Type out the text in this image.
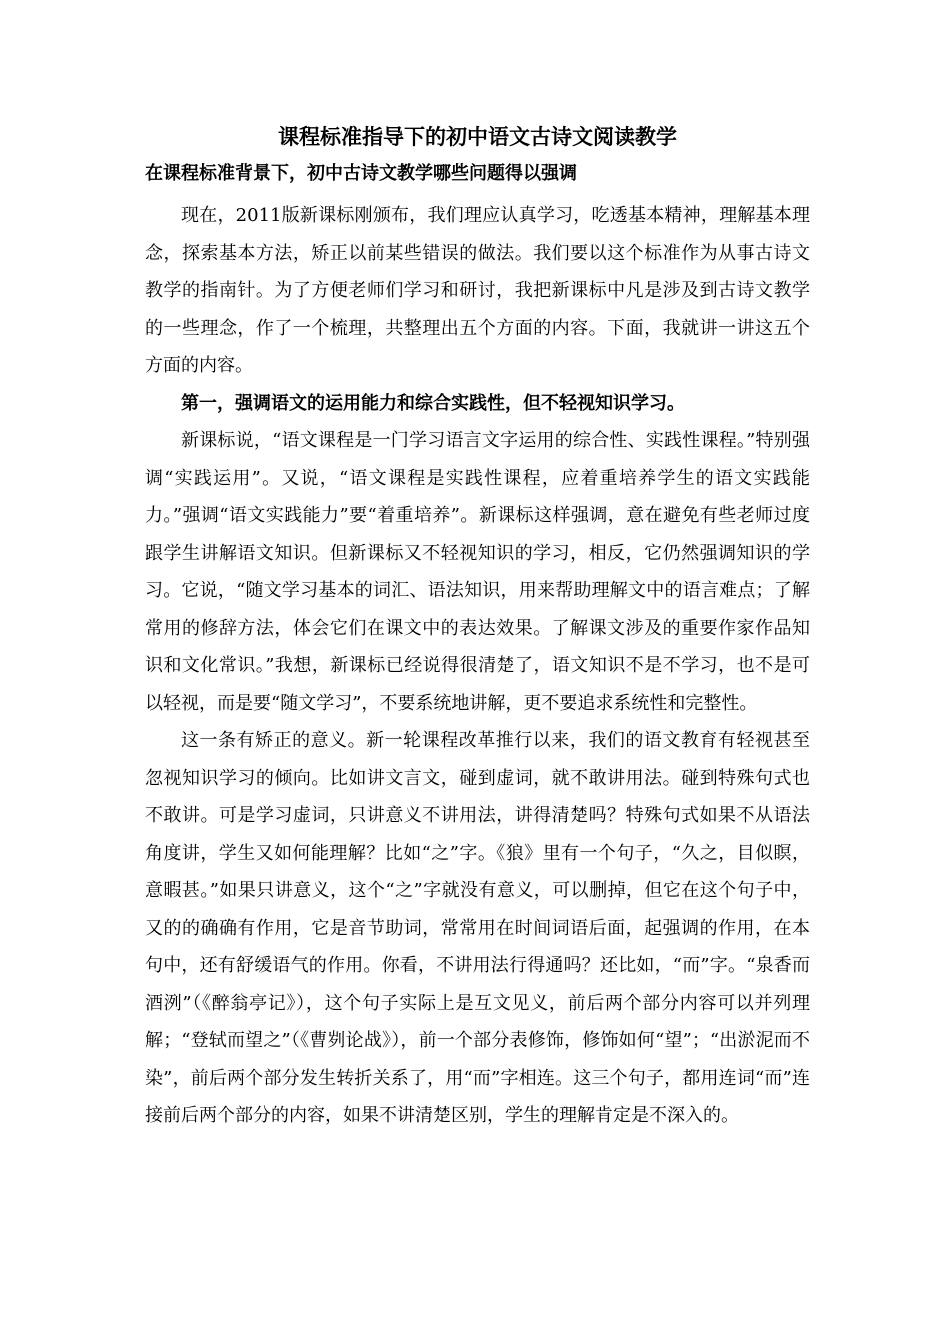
课程标准指导下的初中语文古诗文阅读教学
在课程标准背景下，初中古诗文教学哪些问题得以强调

现在，2011版新课标刚颁布，我们理应认真学习，吃透基本精神，理解基本理念，探索基本方法，矫正以前某些错误的做法。我们要以这个标准作为从事古诗文教学的指南针。为了方便老师们学习和研讨，我把新课标中凡是涉及到古诗文教学的一些理念，作了一个梳理，共整理出五个方面的内容。下面，我就讲一讲这五个方面的内容。

第一，强调语文的运用能力和综合实践性，但不轻视知识学习。

新课标说，“语文课程是一门学习语言文字运用的综合性、实践性课程。”特别强调“实践运用”。又说，“语文课程是实践性课程，应着重培养学生的语文实践能力。”强调“语文实践能力”要“着重培养”。新课标这样强调，意在避免有些老师过度跟学生讲解语文知识。但新课标又不轻视知识的学习，相反，它仍然强调知识的学习。它说，“随文学习基本的词汇、语法知识，用来帮助理解文中的语言难点；了解常用的修辞方法，体会它们在课文中的表达效果。了解课文涉及的重要作家作品知识和文化常识。”我想，新课标已经说得很清楚了，语文知识不是不学习，也不是可以轻视，而是要“随文学习”，不要系统地讲解，更不要追求系统性和完整性。

这一条有矫正的意义。新一轮课程改革推行以来，我们的语文教育有轻视甚至忽视知识学习的倾向。比如讲文言文，碰到虚词，就不敢讲用法。碰到特殊句式也不敢讲。可是学习虚词，只讲意义不讲用法，讲得清楚吗？特殊句式如果不从语法角度讲，学生又如何能理解？比如“之”字。《狼》里有一个句子，“久之，目似瞑，意暇甚。”如果只讲意义，这个“之”字就没有意义，可以删掉，但它在这个句子中，又的的确确有作用，它是音节助词，常常用在时间词语后面，起强调的作用，在本句中，还有舒缓语气的作用。你看，不讲用法行得通吗？还比如，“而”字。“泉香而酒洌”（《醉翁亭记》），这个句子实际上是互文见义，前后两个部分内容可以并列理解；“登轼而望之”（《曹刿论战》），前一个部分表修饰，修饰如何“望”；“出淤泥而不染”，前后两个部分发生转折关系了，用“而”字相连。这三个句子，都用连词“而”连接前后两个部分的内容，如果不讲清楚区别，学生的理解肯定是不深入的。
